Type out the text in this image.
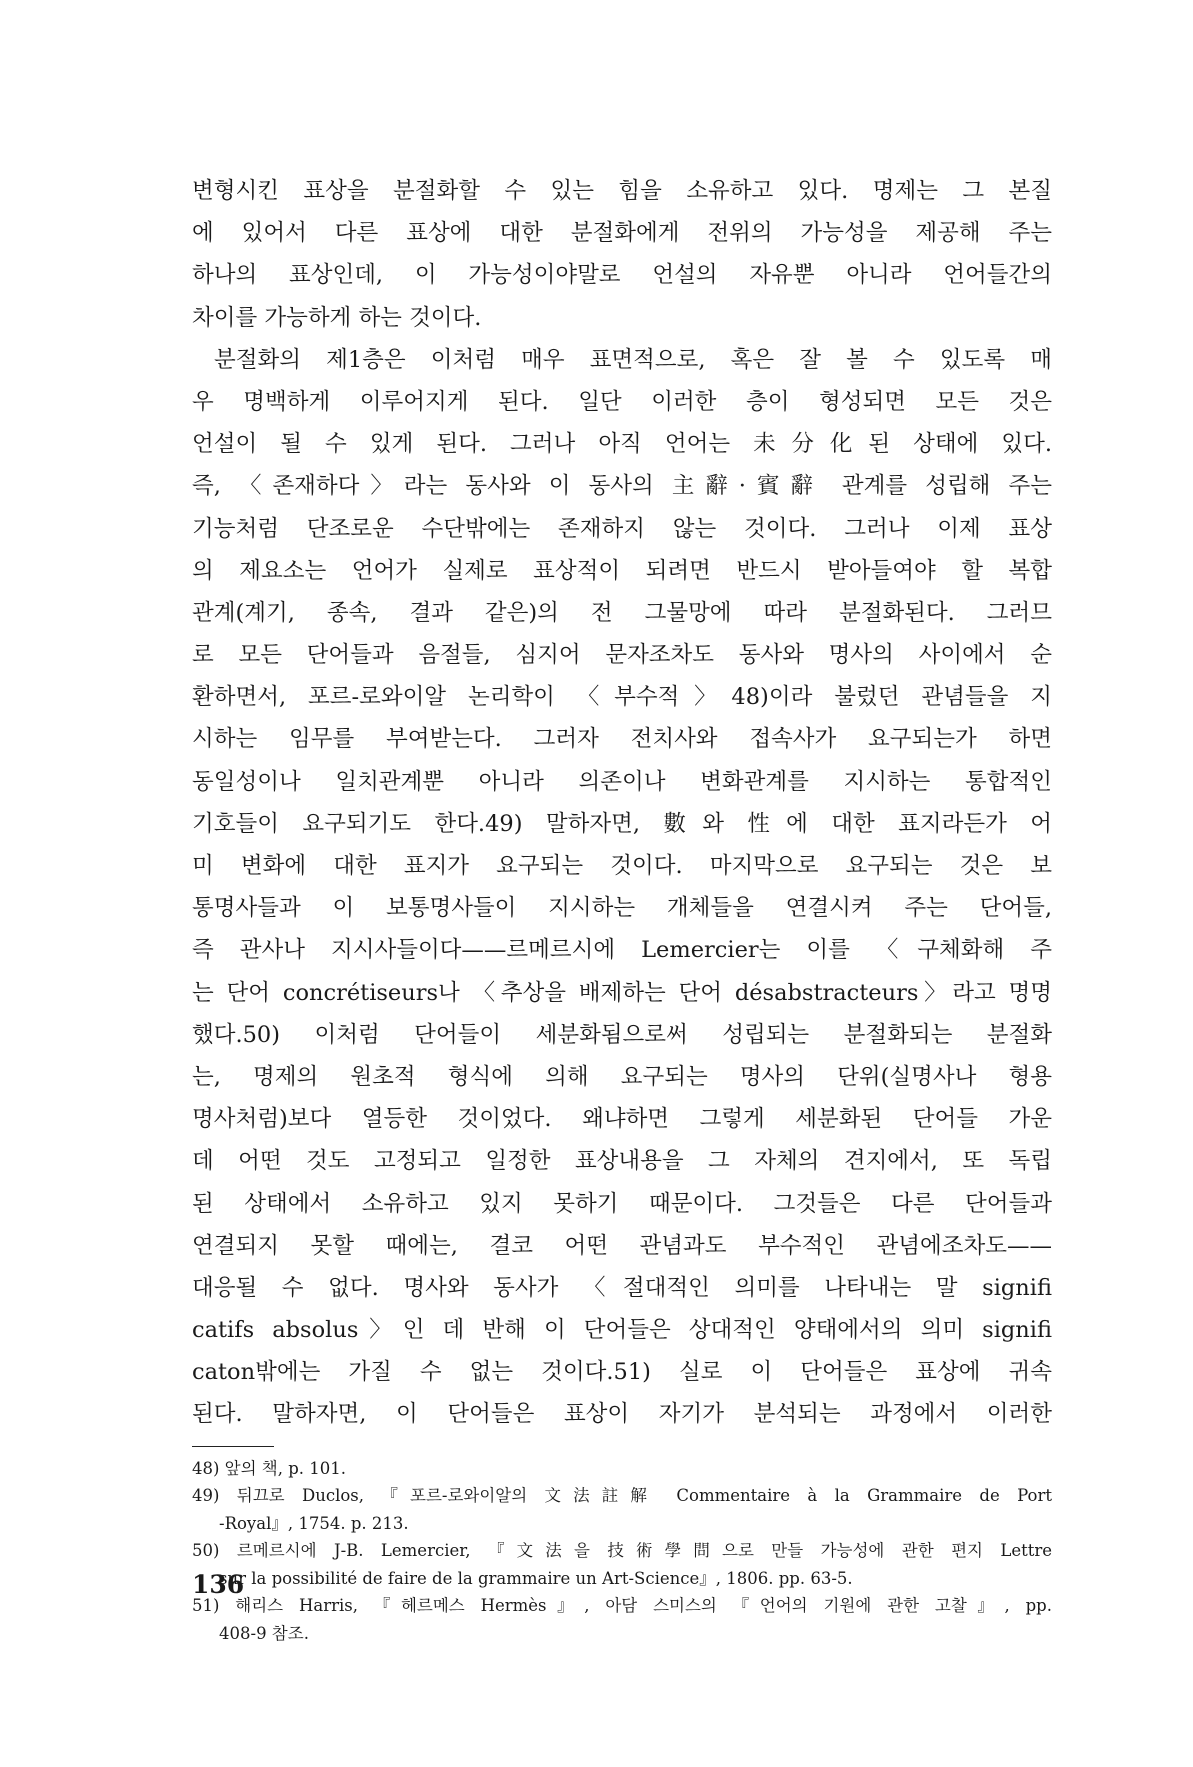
변형시킨 표상을 분절화할 수 있는 힘을 소유하고 있다. 명제는 그 본질
에 있어서 다른 표상에 대한 분절화에게 전위의 가능성을 제공해 주는
하나의 표상인데, 이 가능성이야말로 언설의 자유뿐 아니라 언어들간의
차이를 가능하게 하는 것이다.
분절화의 제1층은 이처럼 매우 표면적으로, 혹은 잘 볼 수 있도록 매
우 명백하게 이루어지게 된다. 일단 이러한 층이 형성되면 모든 것은
언설이 될 수 있게 된다. 그러나 아직 언어는 未分化된 상태에 있다.
즉, 〈존재하다〉라는 동사와 이 동사의 主辭·賓辭 관계를 성립해 주는
기능처럼 단조로운 수단밖에는 존재하지 않는 것이다. 그러나 이제 표상
의 제요소는 언어가 실제로 표상적이 되려면 반드시 받아들여야 할 복합
관계(계기, 종속, 결과 같은)의 전 그물망에 따라 분절화된다. 그러므
로 모든 단어들과 음절들, 심지어 문자조차도 동사와 명사의 사이에서 순
환하면서, 포르-로와이알 논리학이 〈부수적〉48)이라 불렀던 관념들을 지
시하는 임무를 부여받는다. 그러자 전치사와 접속사가 요구되는가 하면
동일성이나 일치관계뿐 아니라 의존이나 변화관계를 지시하는 통합적인
기호들이 요구되기도 한다.49) 말하자면, 數와 性에 대한 표지라든가 어
미 변화에 대한 표지가 요구되는 것이다. 마지막으로 요구되는 것은 보
통명사들과 이 보통명사들이 지시하는 개체들을 연결시켜 주는 단어들,
즉 관사나 지시사들이다——르메르시에 Lemercier는 이를 〈구체화해 주
는 단어 concrétiseurs나 〈추상을 배제하는 단어 désabstracteurs〉라고 명명
했다.50) 이처럼 단어들이 세분화됨으로써 성립되는 분절화되는 분절화
는, 명제의 원초적 형식에 의해 요구되는 명사의 단위(실명사나 형용
명사처럼)보다 열등한 것이었다. 왜냐하면 그렇게 세분화된 단어들 가운
데 어떤 것도 고정되고 일정한 표상내용을 그 자체의 견지에서, 또 독립
된 상태에서 소유하고 있지 못하기 때문이다. 그것들은 다른 단어들과
연결되지 못할 때에는, 결코 어떤 관념과도 부수적인 관념에조차도——
대응될 수 없다. 명사와 동사가 〈절대적인 의미를 나타내는 말 signifi
catifs absolus〉인 데 반해 이 단어들은 상대적인 양태에서의 의미 signifi
caton밖에는 가질 수 없는 것이다.51) 실로 이 단어들은 표상에 귀속
된다. 말하자면, 이 단어들은 표상이 자기가 분석되는 과정에서 이러한
48) 앞의 책, p. 101.
49) 뒤끄로 Duclos, 『포르-로와이알의 文法註解 Commentaire à la Grammaire de Port
-Royal』, 1754. p. 213.
50) 르메르시에 J-B. Lemercier, 『文法을 技術學問으로 만들 가능성에 관한 편지 Lettre
sur la possibilité de faire de la grammaire un Art-Science』, 1806. pp. 63-5.
51) 해리스 Harris, 『헤르메스 Hermès』, 아담 스미스의 『언어의 기원에 관한 고찰』, pp.
408-9 참조.
136
